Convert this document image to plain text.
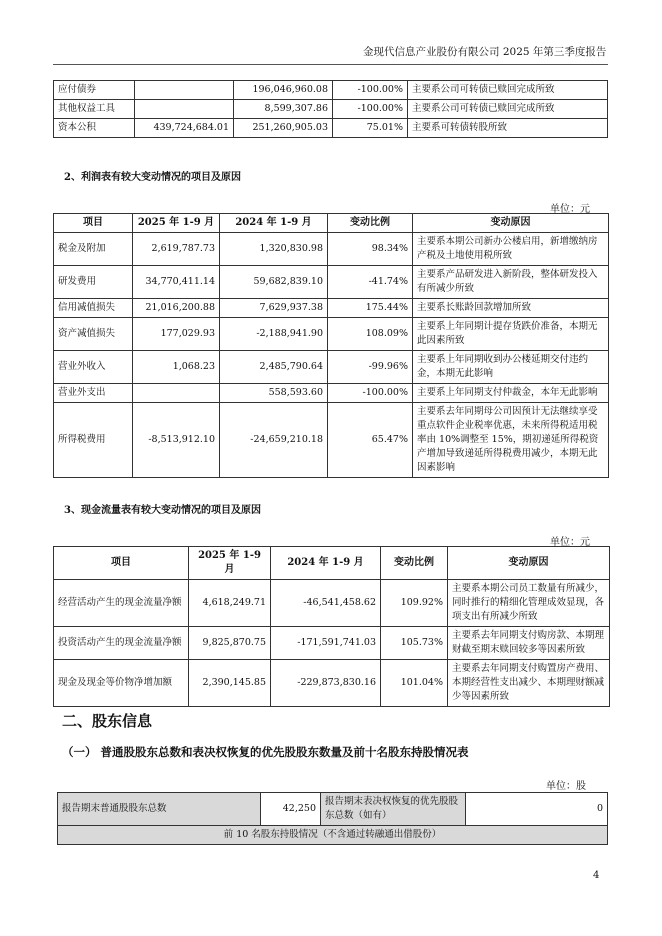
金现代信息产业股份有限公司 2025 年第三季度报告
应付债券		196,046,960.08	-100.00%	主要系公司可转债已赎回完成所致
其他权益工具		8,599,307.86	-100.00%	主要系公司可转债已赎回完成所致
资本公积	439,724,684.01	251,260,905.03	75.01%	主要系可转债转股所致
2、利润表有较大变动情况的项目及原因
单位：元
项目	2025 年 1-9 月	2024 年 1-9 月	变动比例	变动原因
税金及附加	2,619,787.73	1,320,830.98	98.34%	主要系本期公司新办公楼启用，新增缴纳房产税及土地使用税所致
研发费用	34,770,411.14	59,682,839.10	-41.74%	主要系产品研发进入新阶段，整体研发投入有所减少所致
信用减值损失	21,016,200.88	7,629,937.38	175.44%	主要系长账龄回款增加所致
资产减值损失	177,029.93	-2,188,941.90	108.09%	主要系上年同期计提存货跌价准备，本期无此因素所致
营业外收入	1,068.23	2,485,790.64	-99.96%	主要系上年同期收到办公楼延期交付违约金，本期无此影响
营业外支出		558,593.60	-100.00%	主要系上年同期支付仲裁金，本年无此影响
所得税费用	-8,513,912.10	-24,659,210.18	65.47%	主要系去年同期母公司因预计无法继续享受重点软件企业税率优惠，未来所得税适用税率由 10%调整至 15%，期初递延所得税资产增加导致递延所得税费用减少，本期无此因素影响
3、现金流量表有较大变动情况的项目及原因
单位：元
项目	2025 年 1-9 月	2024 年 1-9 月	变动比例	变动原因
经营活动产生的现金流量净额	4,618,249.71	-46,541,458.62	109.92%	主要系本期公司员工数量有所减少，同时推行的精细化管理成效显现，各项支出有所减少所致
投资活动产生的现金流量净额	9,825,870.75	-171,591,741.03	105.73%	主要系去年同期支付购房款、本期理财截至期末赎回较多等因素所致
现金及现金等价物净增加额	2,390,145.85	-229,873,830.16	101.04%	主要系去年同期支付购置房产费用、本期经营性支出减少、本期理财额减少等因素所致
二、股东信息
（一） 普通股股东总数和表决权恢复的优先股股东数量及前十名股东持股情况表
单位：股
报告期末普通股股东总数	42,250	报告期末表决权恢复的优先股股东总数（如有）	0
前 10 名股东持股情况（不含通过转融通出借股份）
4
